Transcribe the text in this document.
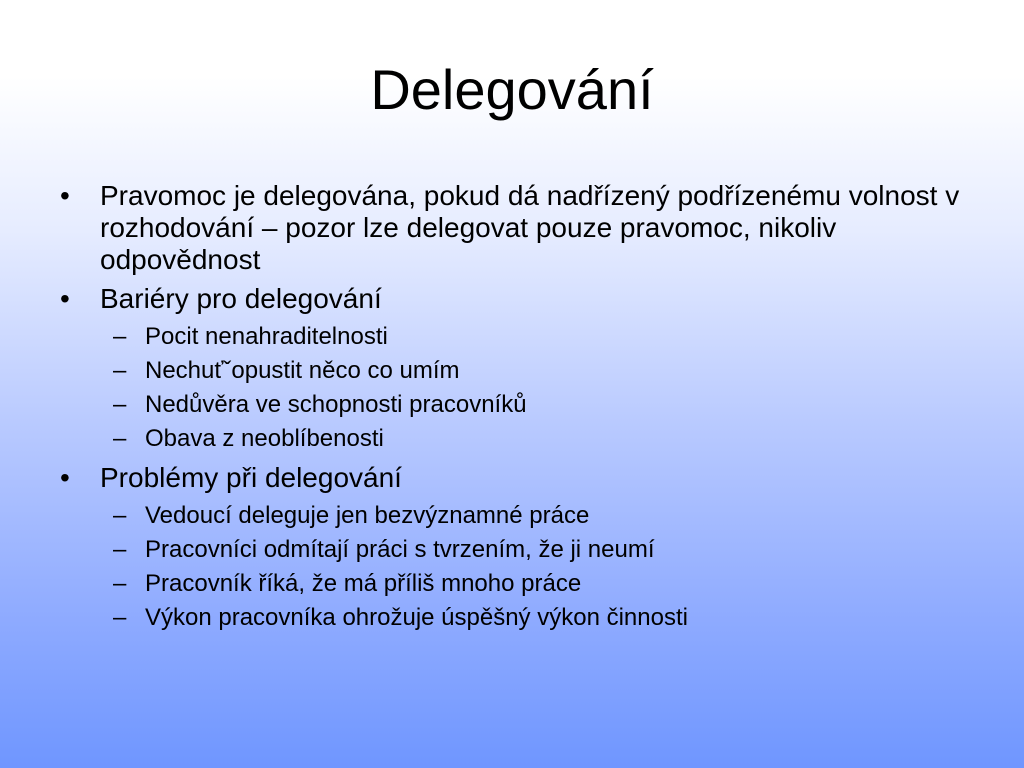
Delegování
• Pravomoc je delegována, pokud dá nadřízený podřízenému volnost v rozhodování – pozor lze delegovat pouze pravomoc, nikoliv odpovědnost
• Bariéry pro delegování
– Pocit nenahraditelnosti
– Nechuťˇopustit něco co umím
– Nedůvěra ve schopnosti pracovníků
– Obava z neoblíbenosti
• Problémy při delegování
– Vedoucí deleguje jen bezvýznamné práce
– Pracovníci odmítají práci s tvrzením, že ji neumí
– Pracovník říká, že má příliš mnoho práce
– Výkon pracovníka ohrožuje úspěšný výkon činnosti
